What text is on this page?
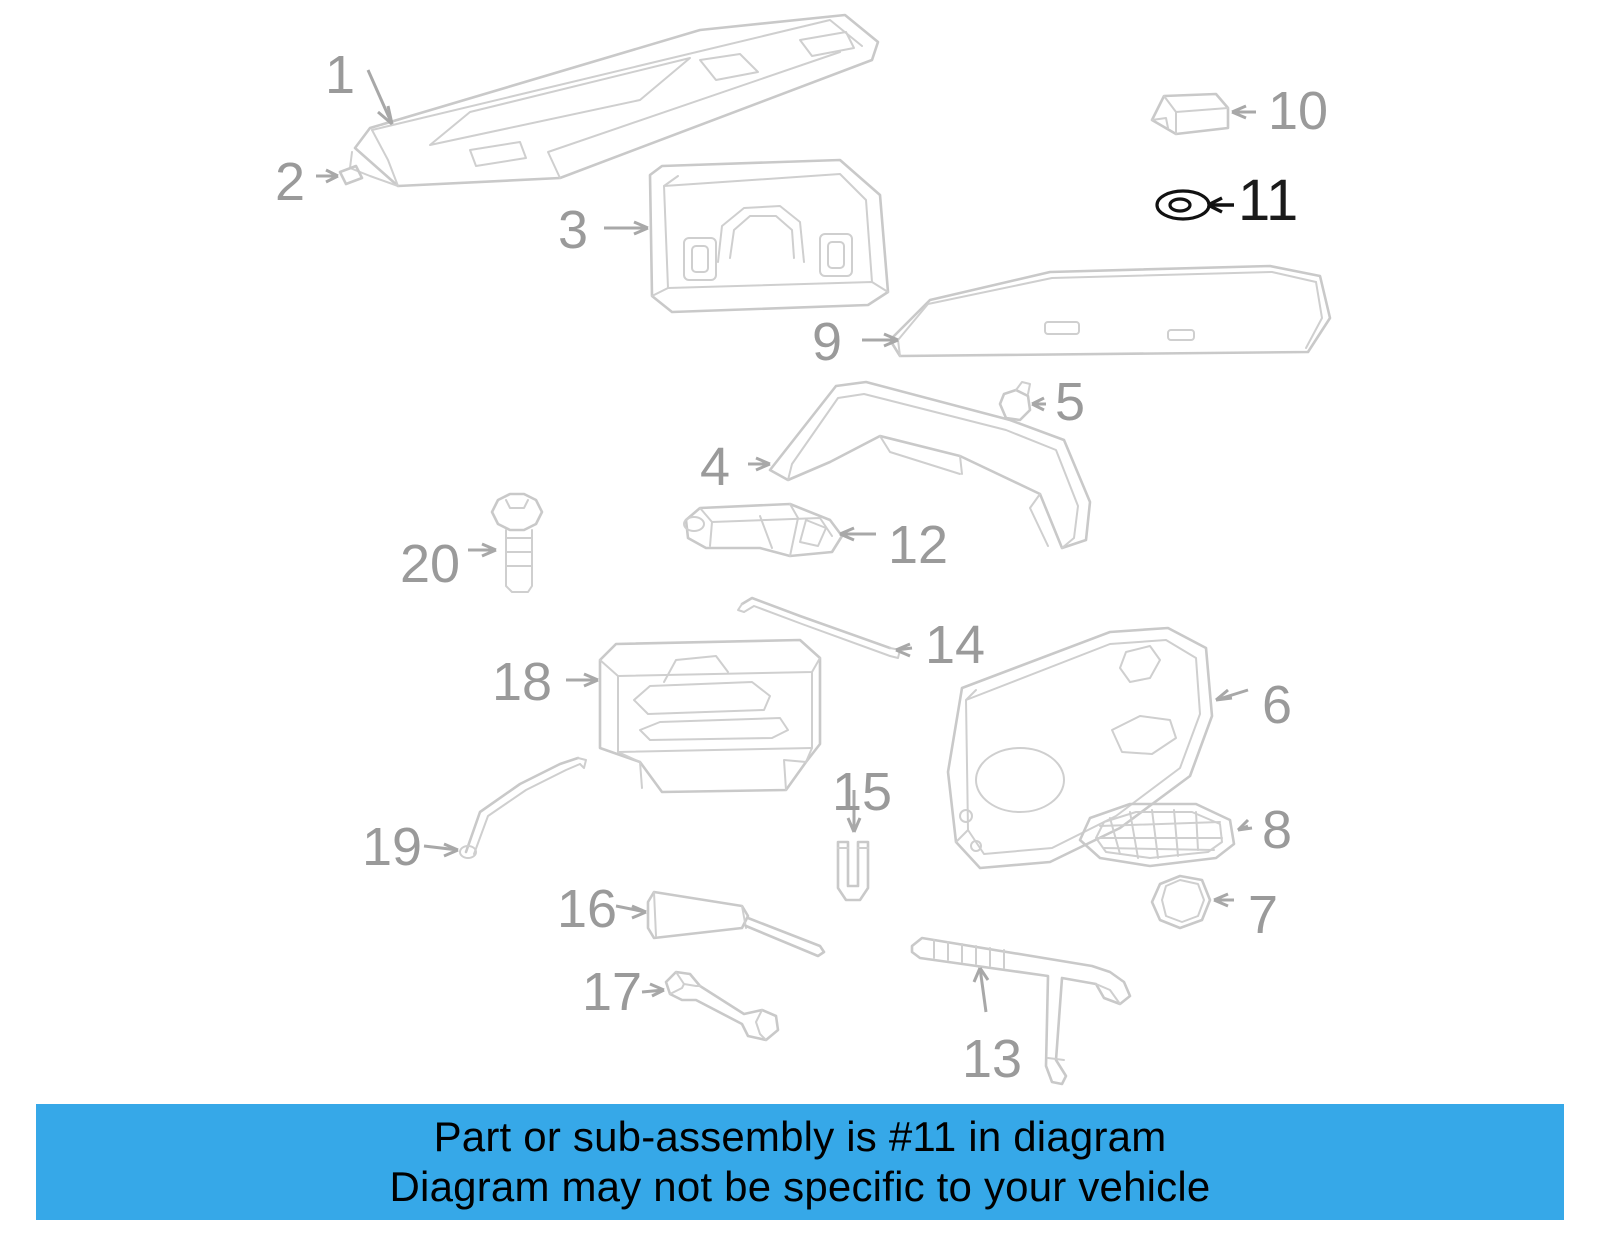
1
2
3
4
5
6
7
8
9
10
11
12
13
14
15
16
17
18
19
20
Part or sub-assembly is #11 in diagram
Diagram may not be specific to your vehicle
